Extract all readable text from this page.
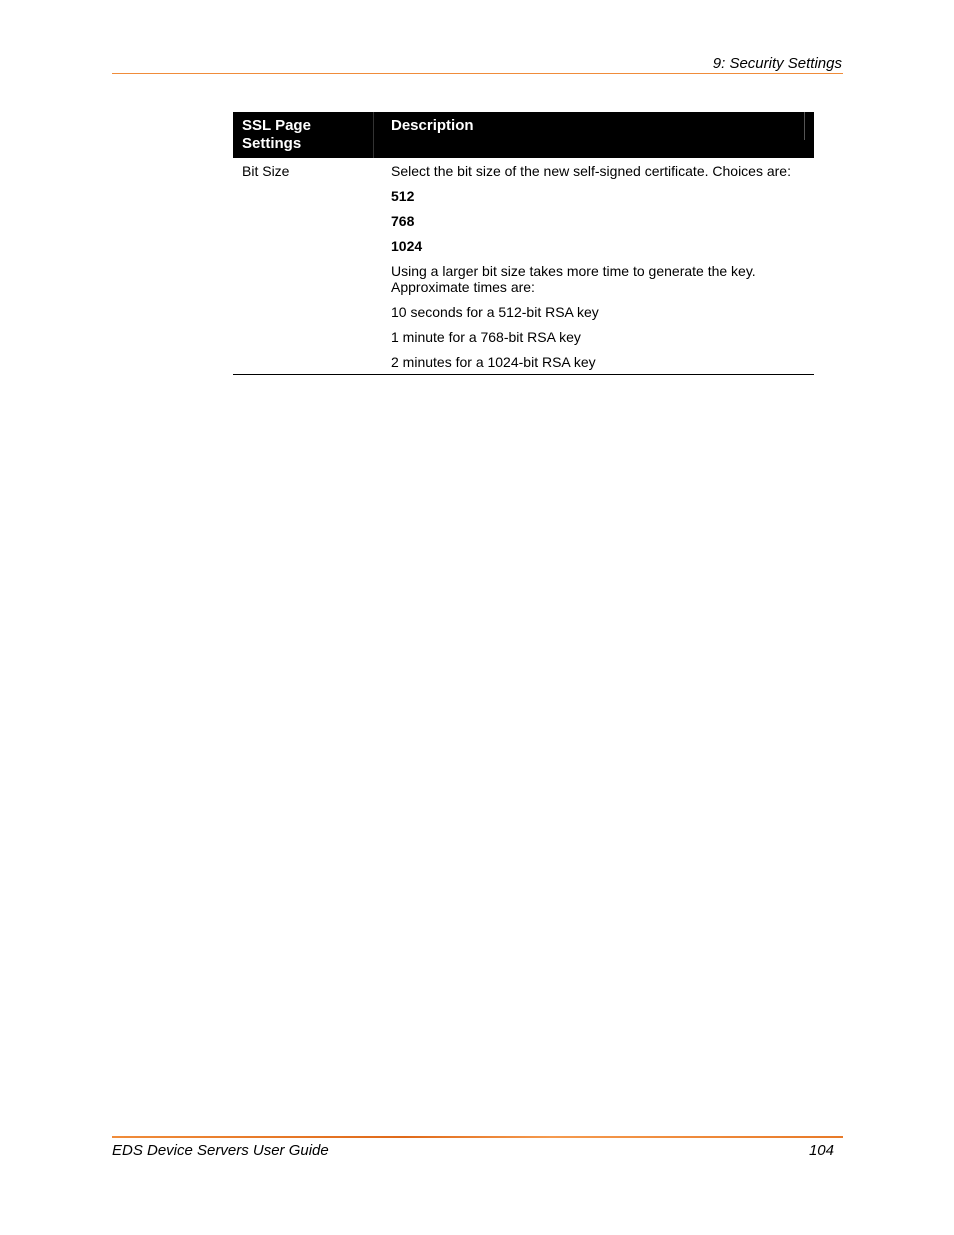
9: Security Settings
SSL Page
Settings
Description
Bit Size	Select the bit size of the new self-signed certificate. Choices are:

512

768

1024

Using a larger bit size takes more time to generate the key. Approximate times are:

10 seconds for a 512-bit RSA key

1 minute for a 768-bit RSA key

2 minutes for a 1024-bit RSA key

EDS Device Servers User Guide	104
